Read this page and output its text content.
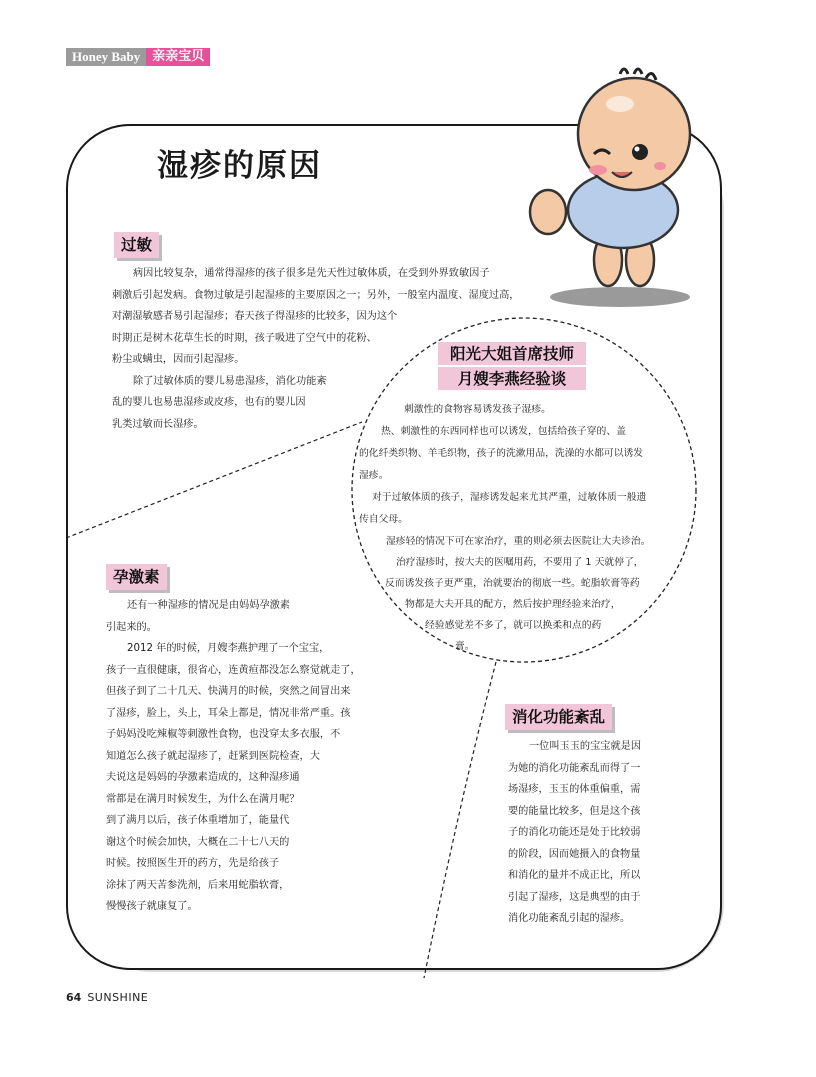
Honey Baby 亲亲宝贝
湿疹的原因
过敏

病因比较复杂，通常得湿疹的孩子很多是先天性过敏体质，在受到外界致敏因子

刺激后引起发病。食物过敏是引起湿疹的主要原因之一；另外，一般室内温度、湿度过高，

对潮湿敏感者易引起湿疹；春天孩子得湿疹的比较多，因为这个

时期正是树木花草生长的时期，孩子吸进了空气中的花粉、

粉尘或螨虫，因而引起湿疹。

除了过敏体质的婴儿易患湿疹，消化功能紊

乱的婴儿也易患湿疹或皮疹，也有的婴儿因

乳类过敏而长湿疹。

阳光大姐首席技师
月嫂李燕经验谈
刺激性的食物容易诱发孩子湿疹。
热、刺激性的东西同样也可以诱发，包括给孩子穿的、盖
的化纤类织物、羊毛织物，孩子的洗漱用品，洗澡的水都可以诱发
湿疹。
对于过敏体质的孩子，湿疹诱发起来尤其严重，过敏体质一般遗
传自父母。
湿疹轻的情况下可在家治疗，重的则必须去医院让大夫诊治。
治疗湿疹时，按大夫的医嘱用药，不要用了 1 天就停了，
反而诱发孩子更严重，治就要治的彻底一些。蛇脂软膏等药
物都是大夫开具的配方，然后按护理经验来治疗，
经验感觉差不多了，就可以换柔和点的药
膏。
孕激素

还有一种湿疹的情况是由妈妈孕激素

引起来的。

2012 年的时候，月嫂李燕护理了一个宝宝，

孩子一直很健康，很省心，连黄疸都没怎么察觉就走了，

但孩子到了二十几天、快满月的时候，突然之间冒出来

了湿疹，脸上，头上，耳朵上都是，情况非常严重。孩

子妈妈没吃辣椒等刺激性食物，也没穿太多衣服，不

知道怎么孩子就起湿疹了，赶紧到医院检查，大

夫说这是妈妈的孕激素造成的，这种湿疹通

常都是在满月时候发生，为什么在满月呢？

到了满月以后，孩子体重增加了，能量代

谢这个时候会加快，大概在二十七八天的

时候。按照医生开的药方，先是给孩子

涂抹了两天苦参洗剂，后来用蛇脂软膏，

慢慢孩子就康复了。

消化功能紊乱

一位叫玉玉的宝宝就是因

为她的消化功能紊乱而得了一

场湿疹，玉玉的体重偏重，需

要的能量比较多，但是这个孩

子的消化功能还是处于比较弱

的阶段，因而她摄入的食物量

和消化的量并不成正比，所以

引起了湿疹，这是典型的由于

消化功能紊乱引起的湿疹。

64 SUNSHINE
